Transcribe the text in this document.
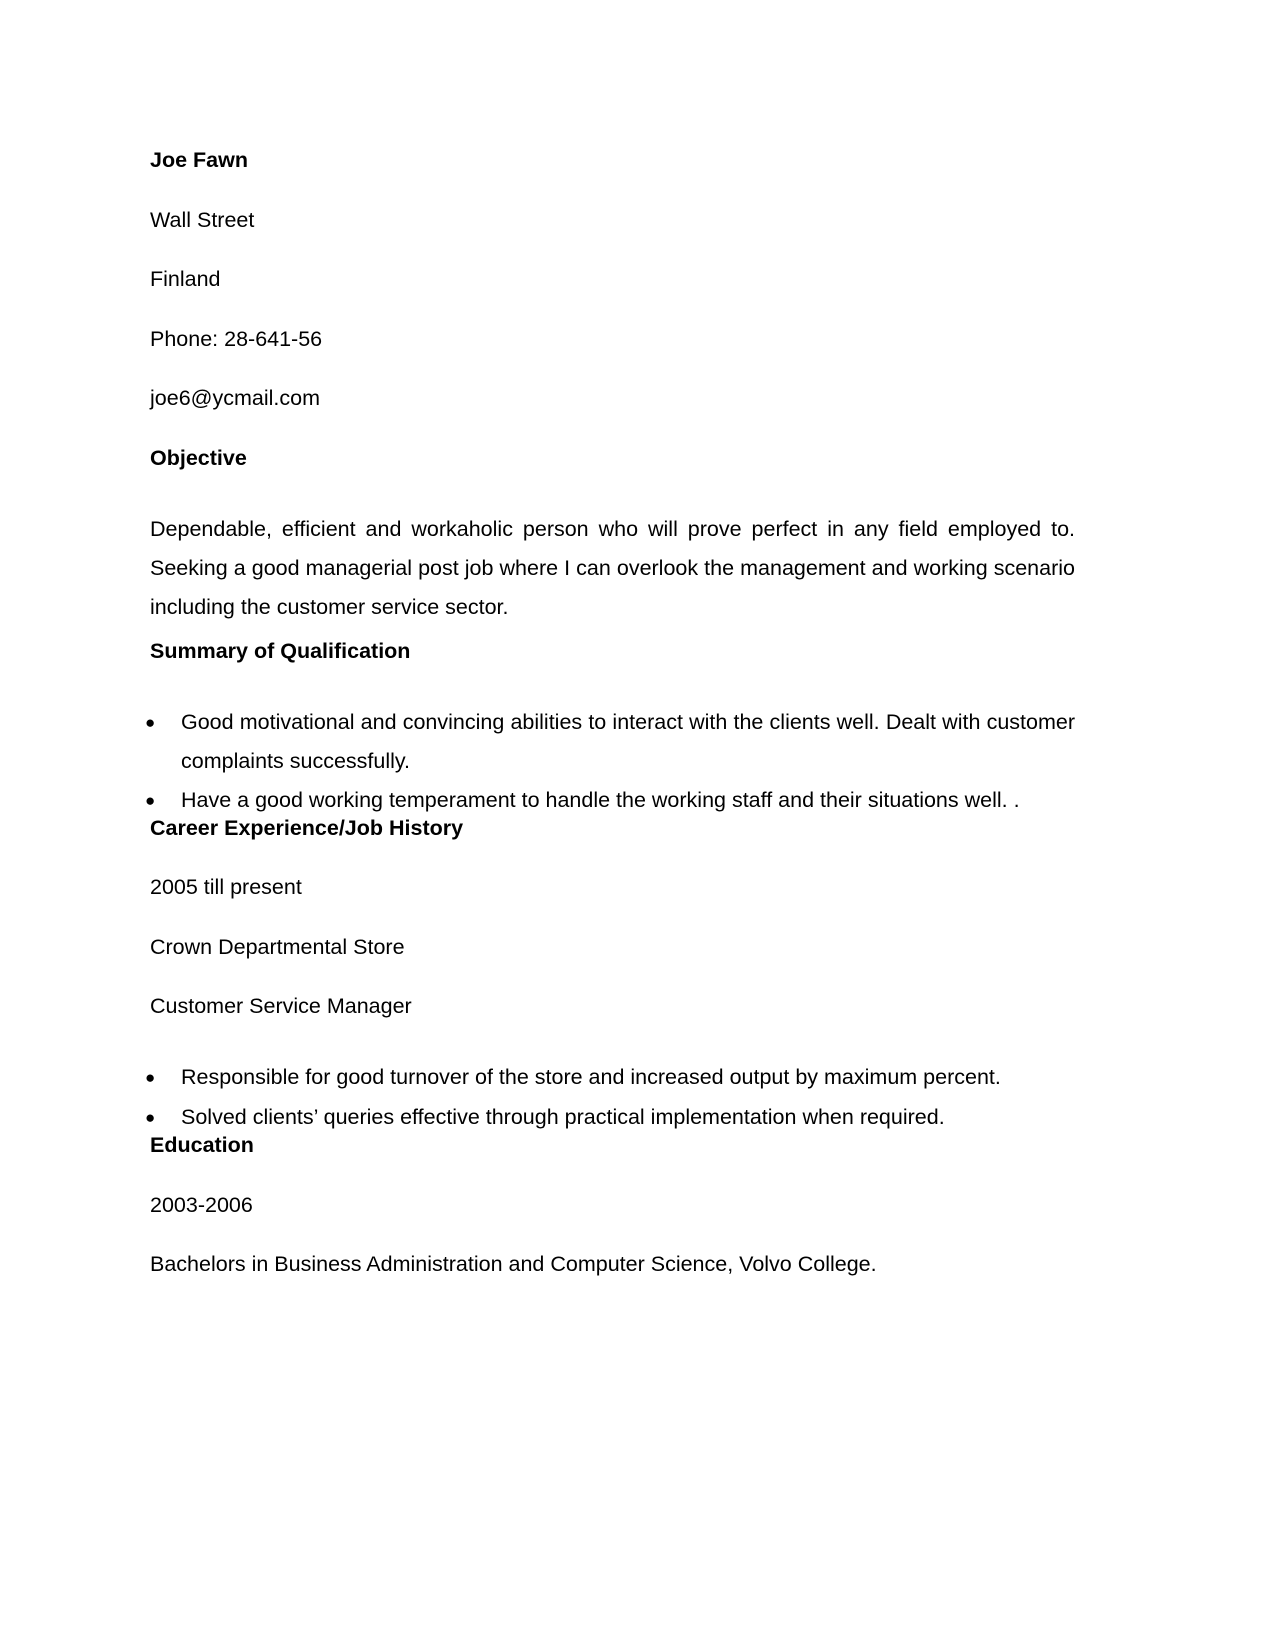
Joe Fawn
Wall Street
Finland
Phone: 28-641-56
joe6@ycmail.com
Objective
Dependable, efficient and workaholic person who will prove perfect in any field employed to. Seeking a good managerial post job where I can overlook the management and working scenario including the customer service sector.
Summary of Qualification
●	Good motivational and convincing abilities to interact with the clients well. Dealt with customer complaints successfully.
●	Have a good working temperament to handle the working staff and their situations well. .
Career Experience/Job History
2005 till present
Crown Departmental Store
Customer Service Manager
●	Responsible for good turnover of the store and increased output by maximum percent.
●	Solved clients’ queries effective through practical implementation when required.
Education
2003-2006
Bachelors in Business Administration and Computer Science, Volvo College.
